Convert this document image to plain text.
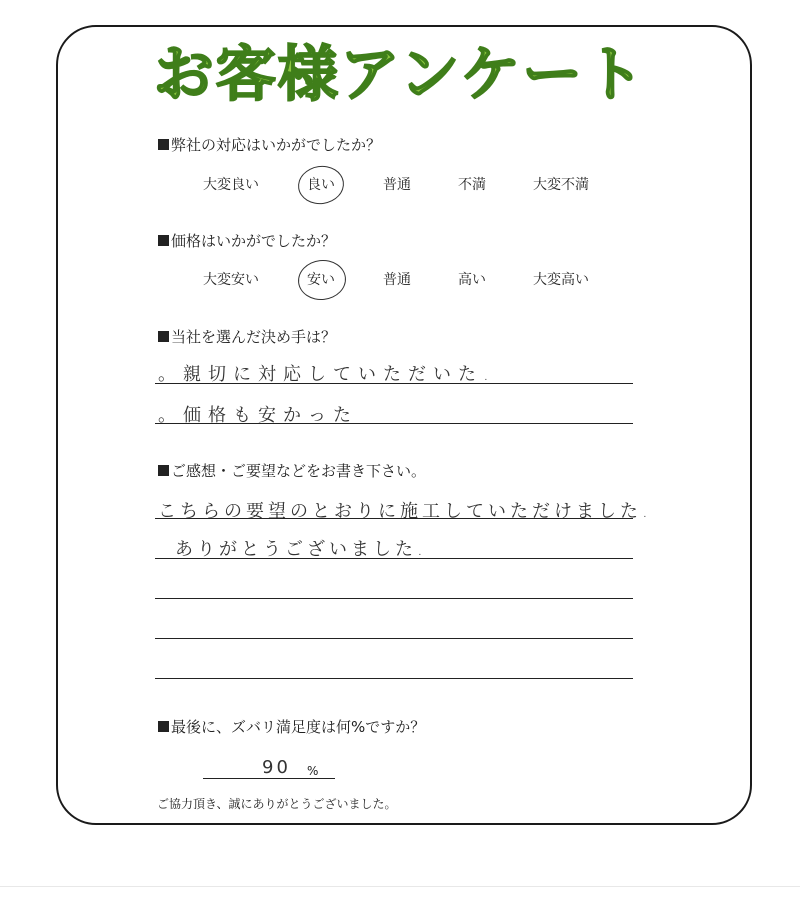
お客様アンケート
弊社の対応はいかがでしたか？
大変良い	良い	普通	不満	大変不満
価格はいかがでしたか？
大変安い	安い	普通	高い	大変高い
当社を選んだ決め手は？
。親切に対応していただいた.
。価格も安かった
ご感想・ご要望などをお書き下さい。
こちらの要望のとおりに施工していただけました.
ありがとうございました.
最後に、ズバリ満足度は何%ですか？
90 %
ご協力頂き、誠にありがとうございました。
